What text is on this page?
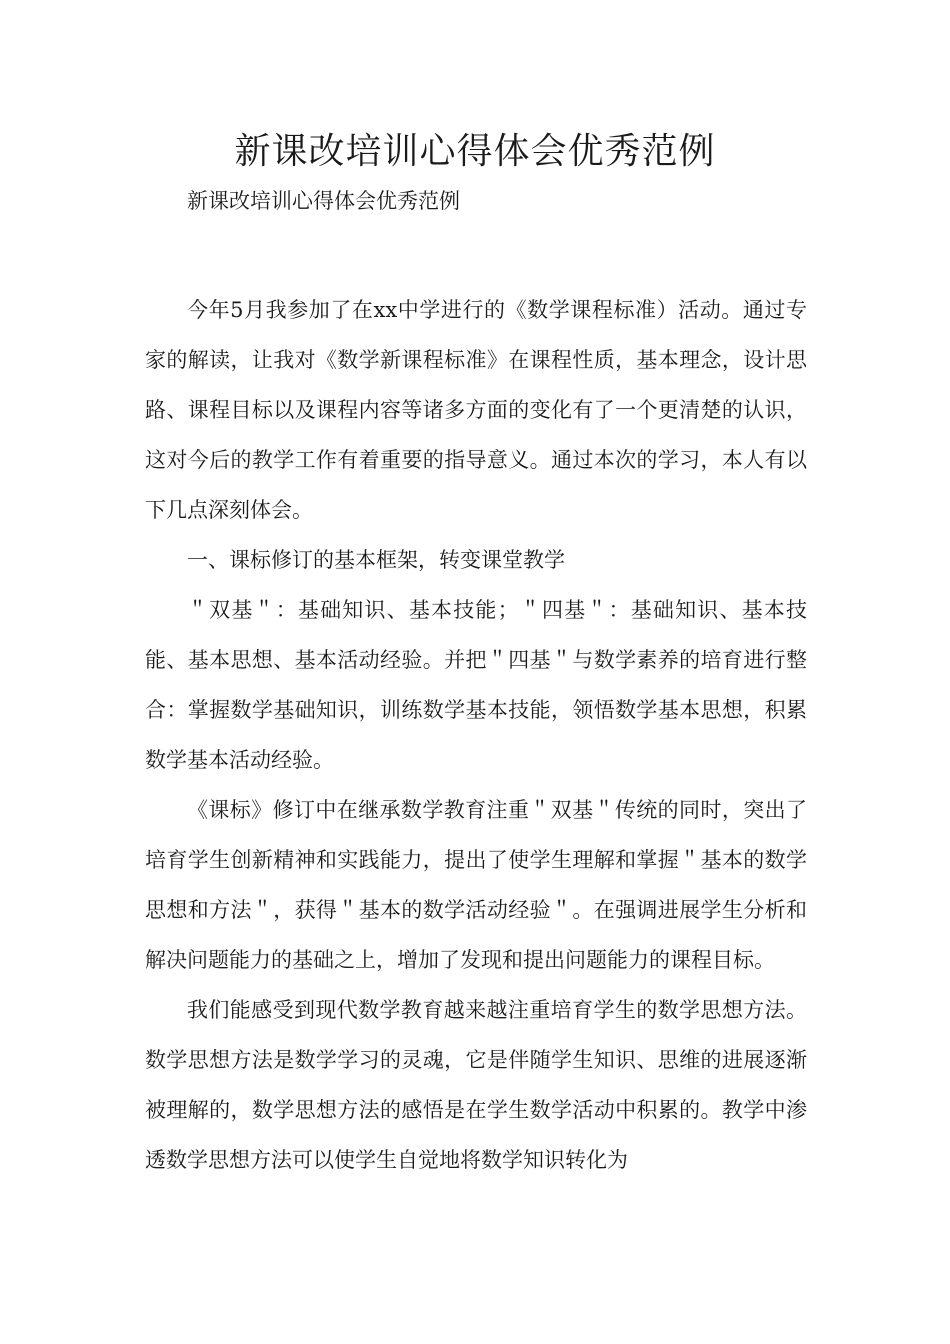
新课改培训心得体会优秀范例

新课改培训心得体会优秀范例

今年5月我参加了在xx中学进行的《数学课程标准）活动。通过专家的解读，让我对《数学新课程标准》在课程性质，基本理念，设计思路、课程目标以及课程内容等诸多方面的变化有了一个更清楚的认识，这对今后的教学工作有着重要的指导意义。通过本次的学习，本人有以下几点深刻体会。

一、课标修订的基本框架，转变课堂教学

＂双基＂：基础知识、基本技能；＂四基＂：基础知识、基本技能、基本思想、基本活动经验。并把＂四基＂与数学素养的培育进行整合：掌握数学基础知识，训练数学基本技能，领悟数学基本思想，积累数学基本活动经验。

《课标》修订中在继承数学教育注重＂双基＂传统的同时，突出了培育学生创新精神和实践能力，提出了使学生理解和掌握＂基本的数学思想和方法＂，获得＂基本的数学活动经验＂。在强调进展学生分析和解决问题能力的基础之上，增加了发现和提出问题能力的课程目标。

我们能感受到现代数学教育越来越注重培育学生的数学思想方法。数学思想方法是数学学习的灵魂，它是伴随学生知识、思维的进展逐渐被理解的，数学思想方法的感悟是在学生数学活动中积累的。教学中渗透数学思想方法可以使学生自觉地将数学知识转化为
